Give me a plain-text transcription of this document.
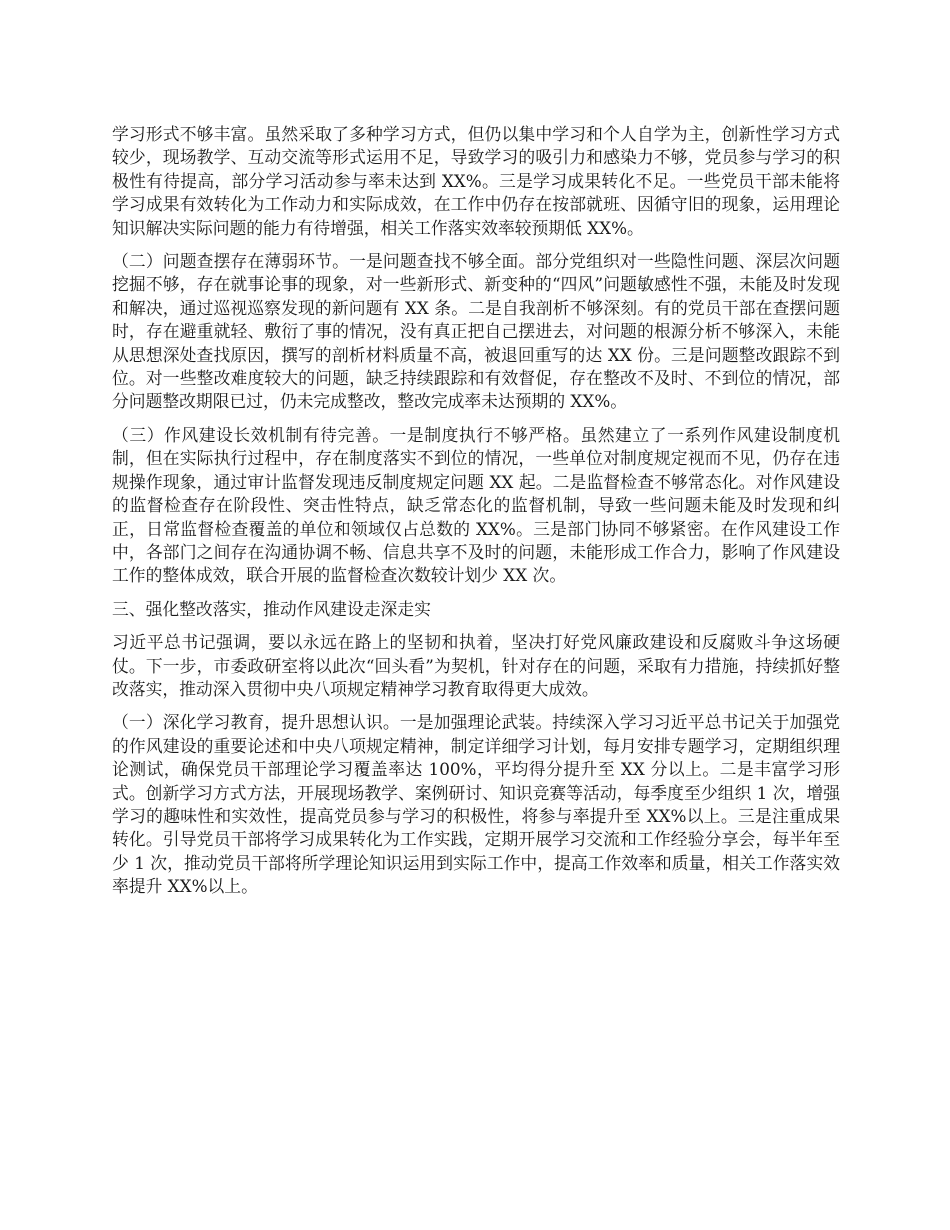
学习形式不够丰富。虽然采取了多种学习方式，但仍以集中学习和个人自学为主，创新性学习方式较少，现场教学、互动交流等形式运用不足，导致学习的吸引力和感染力不够，党员参与学习的积极性有待提高，部分学习活动参与率未达到 XX%。三是学习成果转化不足。一些党员干部未能将学习成果有效转化为工作动力和实际成效，在工作中仍存在按部就班、因循守旧的现象，运用理论知识解决实际问题的能力有待增强，相关工作落实效率较预期低 XX%。

（二）问题查摆存在薄弱环节。一是问题查找不够全面。部分党组织对一些隐性问题、深层次问题挖掘不够，存在就事论事的现象，对一些新形式、新变种的“四风”问题敏感性不强，未能及时发现和解决，通过巡视巡察发现的新问题有 XX 条。二是自我剖析不够深刻。有的党员干部在查摆问题时，存在避重就轻、敷衍了事的情况，没有真正把自己摆进去，对问题的根源分析不够深入，未能从思想深处查找原因，撰写的剖析材料质量不高，被退回重写的达 XX 份。三是问题整改跟踪不到位。对一些整改难度较大的问题，缺乏持续跟踪和有效督促，存在整改不及时、不到位的情况，部分问题整改期限已过，仍未完成整改，整改完成率未达预期的 XX%。

（三）作风建设长效机制有待完善。一是制度执行不够严格。虽然建立了一系列作风建设制度机制，但在实际执行过程中，存在制度落实不到位的情况，一些单位对制度规定视而不见，仍存在违规操作现象，通过审计监督发现违反制度规定问题 XX 起。二是监督检查不够常态化。对作风建设的监督检查存在阶段性、突击性特点，缺乏常态化的监督机制，导致一些问题未能及时发现和纠正，日常监督检查覆盖的单位和领域仅占总数的 XX%。三是部门协同不够紧密。在作风建设工作中，各部门之间存在沟通协调不畅、信息共享不及时的问题，未能形成工作合力，影响了作风建设工作的整体成效，联合开展的监督检查次数较计划少 XX 次。

三、强化整改落实，推动作风建设走深走实

习近平总书记强调，要以永远在路上的坚韧和执着，坚决打好党风廉政建设和反腐败斗争这场硬仗。下一步，市委政研室将以此次“回头看”为契机，针对存在的问题，采取有力措施，持续抓好整改落实，推动深入贯彻中央八项规定精神学习教育取得更大成效。

（一）深化学习教育，提升思想认识。一是加强理论武装。持续深入学习习近平总书记关于加强党的作风建设的重要论述和中央八项规定精神，制定详细学习计划，每月安排专题学习，定期组织理论测试，确保党员干部理论学习覆盖率达 100%，平均得分提升至 XX 分以上。二是丰富学习形式。创新学习方式方法，开展现场教学、案例研讨、知识竞赛等活动，每季度至少组织 1 次，增强学习的趣味性和实效性，提高党员参与学习的积极性，将参与率提升至 XX%以上。三是注重成果转化。引导党员干部将学习成果转化为工作实践，定期开展学习交流和工作经验分享会，每半年至少 1 次，推动党员干部将所学理论知识运用到实际工作中，提高工作效率和质量，相关工作落实效率提升 XX%以上。
